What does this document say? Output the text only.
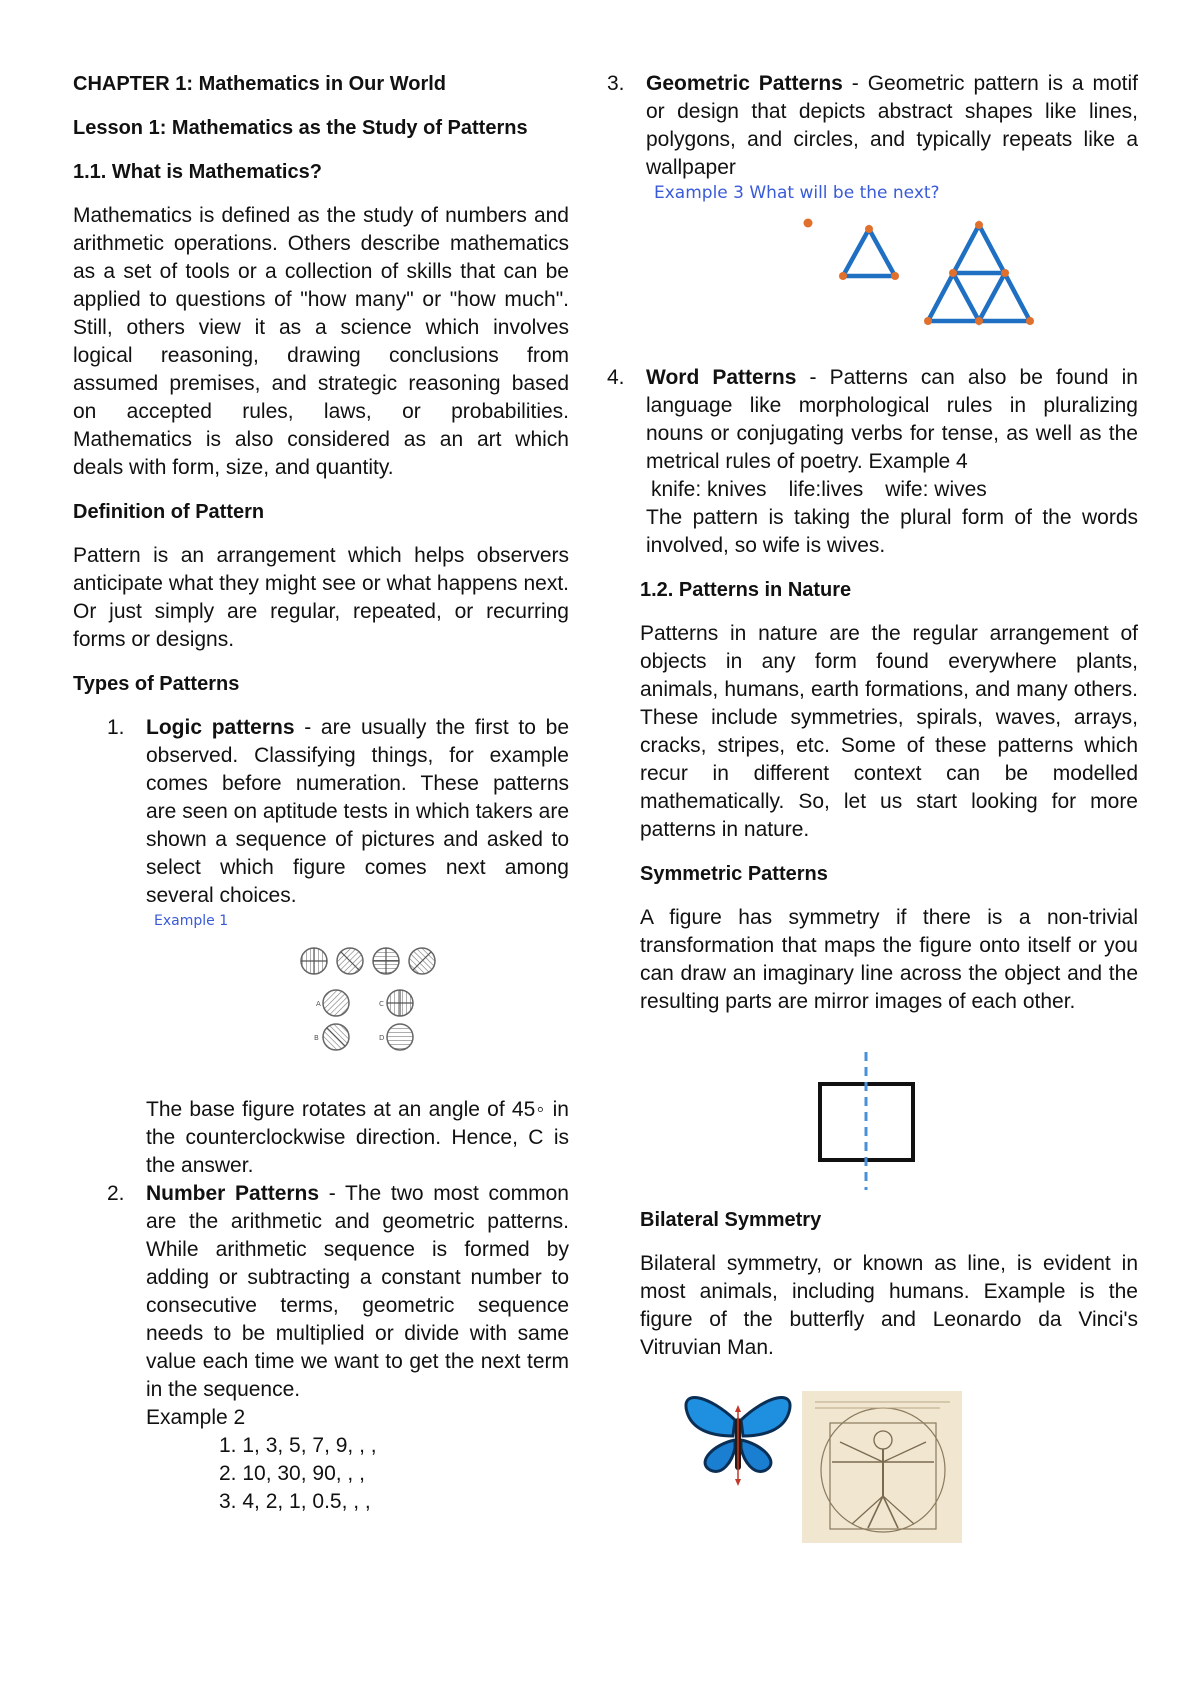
CHAPTER 1: Mathematics in Our World
Lesson 1: Mathematics as the Study of Patterns
1.1. What is Mathematics?
Mathematics is defined as the study of numbers and arithmetic operations. Others describe mathematics as a set of tools or a collection of skills that can be applied to questions of "how many" or "how much". Still, others view it as a science which involves logical reasoning, drawing conclusions from assumed premises, and strategic reasoning based on accepted rules, laws, or probabilities. Mathematics is also considered as an art which deals with form, size, and quantity.
Definition of Pattern
Pattern is an arrangement which helps observers anticipate what they might see or what happens next. Or just simply are regular, repeated, or recurring forms or designs.
Types of Patterns
1. Logic patterns - are usually the first to be observed. Classifying things, for example comes before numeration. These patterns are seen on aptitude tests in which takers are shown a sequence of pictures and asked to select which figure comes next among several choices.
Example 1
A	C
B	D
The base figure rotates at an angle of 45◦ in the counterclockwise direction. Hence, C is the answer.
2. Number Patterns - The two most common are the arithmetic and geometric patterns. While arithmetic sequence is formed by adding or subtracting a constant number to consecutive terms, geometric sequence needs to be multiplied or divide with same value each time we want to get the next term in the sequence.
Example 2
1. 1, 3, 5, 7, 9, , ,
2. 10, 30, 90, , ,
3. 4, 2, 1, 0.5, , ,
3. Geometric Patterns - Geometric pattern is a motif or design that depicts abstract shapes like lines, polygons, and circles, and typically repeats like a wallpaper
Example 3 What will be the next?
4. Word Patterns - Patterns can also be found in language like morphological rules in pluralizing nouns or conjugating verbs for tense, as well as the metrical rules of poetry. Example 4
knife: knives life:lives wife: wives
The pattern is taking the plural form of the words involved, so wife is wives.
1.2. Patterns in Nature
Patterns in nature are the regular arrangement of objects in any form found everywhere plants, animals, humans, earth formations, and many others. These include symmetries, spirals, waves, arrays, cracks, stripes, etc. Some of these patterns which recur in different context can be modelled mathematically. So, let us start looking for more patterns in nature.
Symmetric Patterns
A figure has symmetry if there is a non-trivial transformation that maps the figure onto itself or you can draw an imaginary line across the object and the resulting parts are mirror images of each other.
Bilateral Symmetry
Bilateral symmetry, or known as line, is evident in most animals, including humans. Example is the figure of the butterfly and Leonardo da Vinci's Vitruvian Man.
